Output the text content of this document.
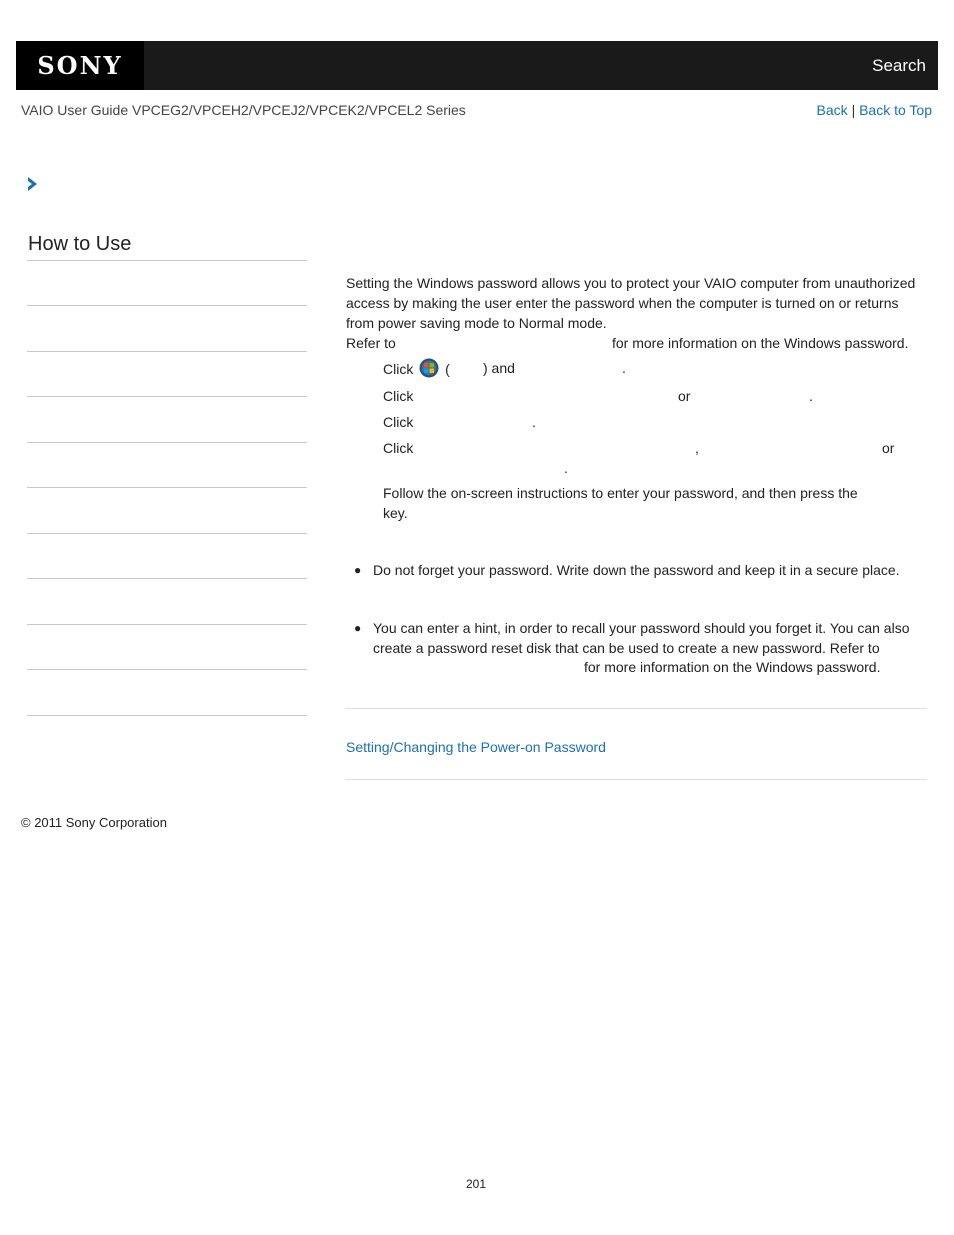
SONY	Search
VAIO User Guide VPCEG2/VPCEH2/VPCEJ2/VPCEK2/VPCEL2 Series	Back | Back to Top
How to Use
Setting the Windows password allows you to protect your VAIO computer from unauthorized access by making the user enter the password when the computer is turned on or returns from power saving mode to Normal mode.
Refer to	for more information on the Windows password.
Click ( ) and	.
Click	or	.
Click	.
Click	,	or
.
Follow the on-screen instructions to enter your password, and then press the
key.
● Do not forget your password. Write down the password and keep it in a secure place.
● You can enter a hint, in order to recall your password should you forget it. You can also
create a password reset disk that can be used to create a new password. Refer to
for more information on the Windows password.
Setting/Changing the Power-on Password
© 2011 Sony Corporation
201
